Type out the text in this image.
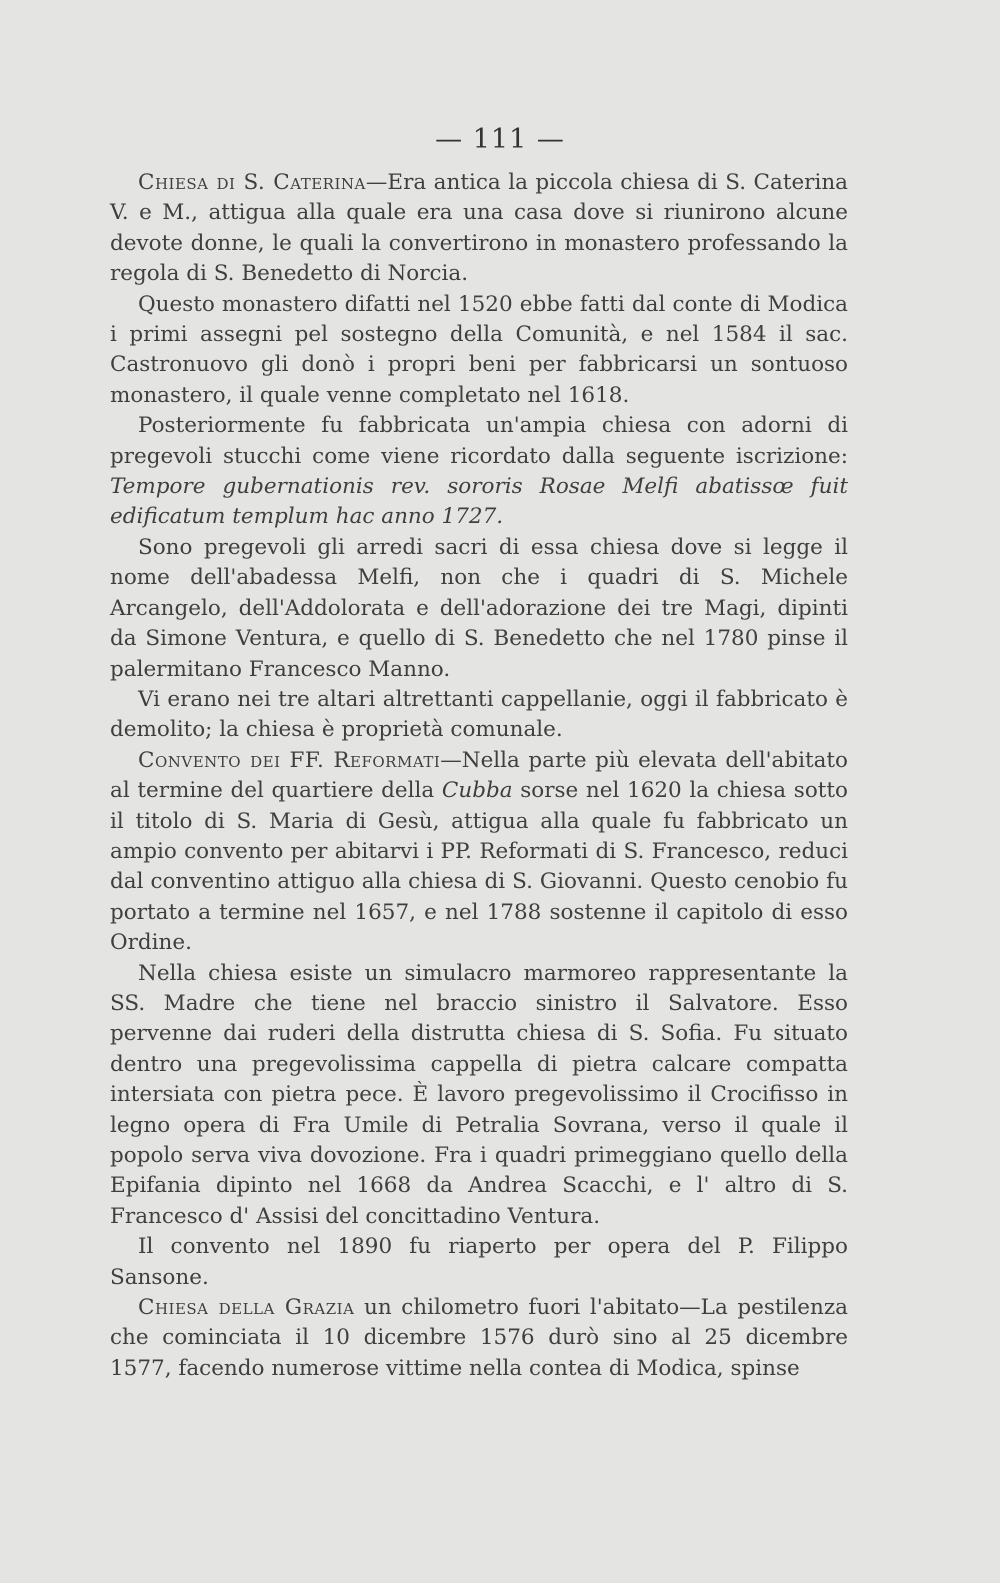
— 111 —

Chiesa di S. Caterina—Era antica la piccola chiesa di S. Caterina V. e M., attigua alla quale era una casa dove si riunirono alcune devote donne, le quali la convertirono in monastero professando la regola di S. Benedetto di Norcia.

Questo monastero difatti nel 1520 ebbe fatti dal conte di Modica i primi assegni pel sostegno della Comunità, e nel 1584 il sac. Castronuovo gli donò i propri beni per fabbricarsi un sontuoso monastero, il quale venne completato nel 1618.

Posteriormente fu fabbricata un'ampia chiesa con adorni di pregevoli stucchi come viene ricordato dalla seguente iscrizione: Tempore gubernationis rev. sororis Rosae Melfi abatissœ fuit edificatum templum hac anno 1727.

Sono pregevoli gli arredi sacri di essa chiesa dove si legge il nome dell'abadessa Melfi, non che i quadri di S. Michele Arcangelo, dell'Addolorata e dell'adorazione dei tre Magi, dipinti da Simone Ventura, e quello di S. Benedetto che nel 1780 pinse il palermitano Francesco Manno.

Vi erano nei tre altari altrettanti cappellanie, oggi il fabbricato è demolito; la chiesa è proprietà comunale.

Convento dei FF. Reformati—Nella parte più elevata dell'abitato al termine del quartiere della Cubba sorse nel 1620 la chiesa sotto il titolo di S. Maria di Gesù, attigua alla quale fu fabbricato un ampio convento per abitarvi i PP. Reformati di S. Francesco, reduci dal conventino attiguo alla chiesa di S. Giovanni. Questo cenobio fu portato a termine nel 1657, e nel 1788 sostenne il capitolo di esso Ordine.

Nella chiesa esiste un simulacro marmoreo rappresentante la SS. Madre che tiene nel braccio sinistro il Salvatore. Esso pervenne dai ruderi della distrutta chiesa di S. Sofia. Fu situato dentro una pregevolissima cappella di pietra calcare compatta intersiata con pietra pece. È lavoro pregevolissimo il Crocifisso in legno opera di Fra Umile di Petralia Sovrana, verso il quale il popolo serva viva dovozione. Fra i quadri primeggiano quello della Epifania dipinto nel 1668 da Andrea Scacchi, e l' altro di S. Francesco d' Assisi del concittadino Ventura.

Il convento nel 1890 fu riaperto per opera del P. Filippo Sansone.

Chiesa della Grazia un chilometro fuori l'abitato—La pestilenza che cominciata il 10 dicembre 1576 durò sino al 25 dicembre 1577, facendo numerose vittime nella contea di Modica, spinse
